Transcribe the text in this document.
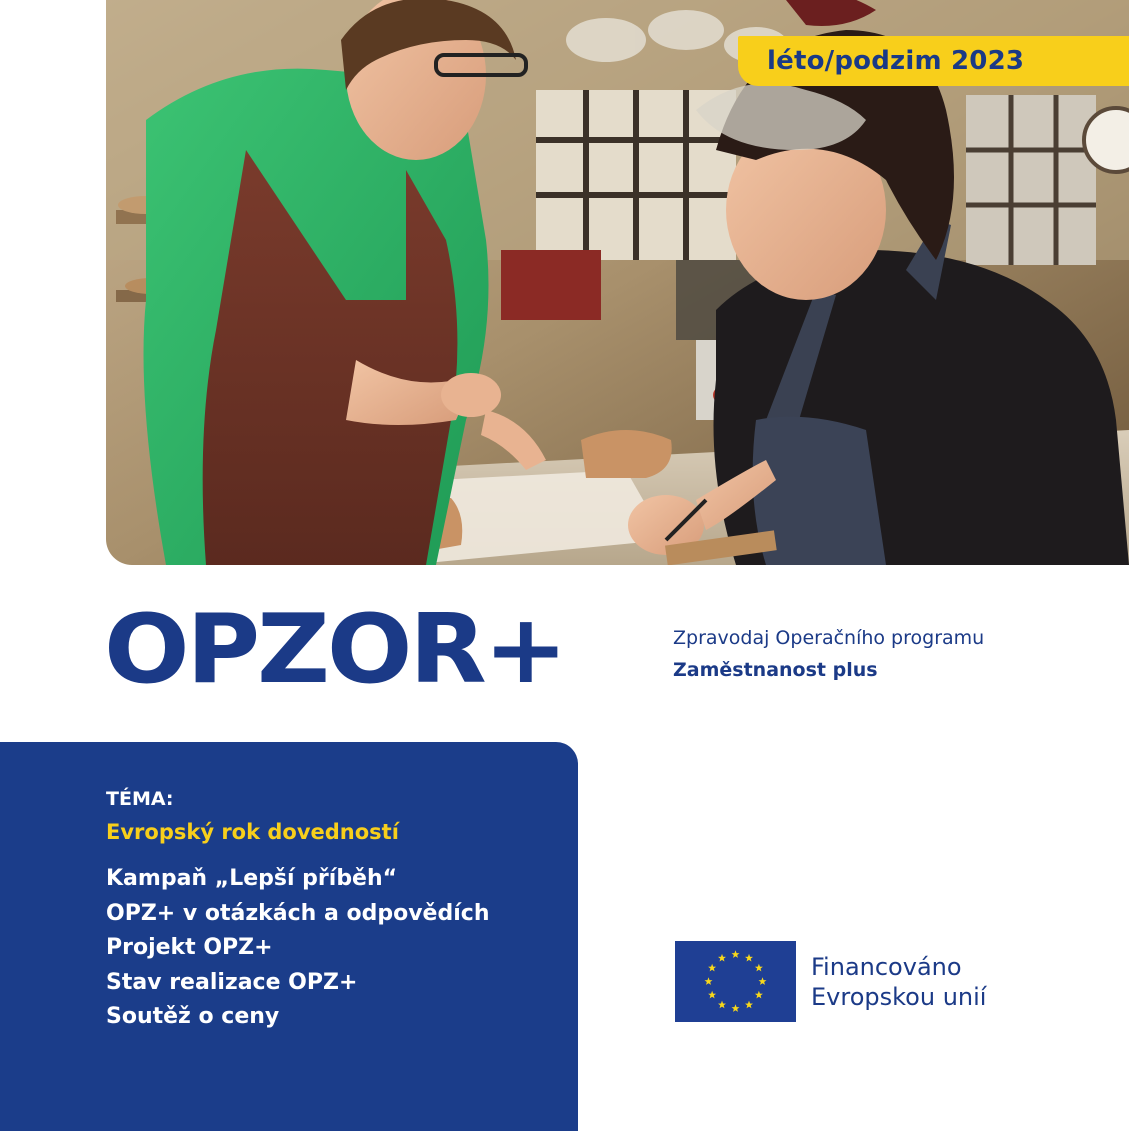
léto/podzim 2023
OPZOR+	Zpravodaj Operačního programu
Zaměstnanost plus
TÉMA:
Evropský rok dovedností
Kampaň „Lepší příběh“
OPZ+ v otázkách a odpovědích
Projekt OPZ+
Stav realizace OPZ+
Soutěž o ceny
Financováno
Evropskou unií
